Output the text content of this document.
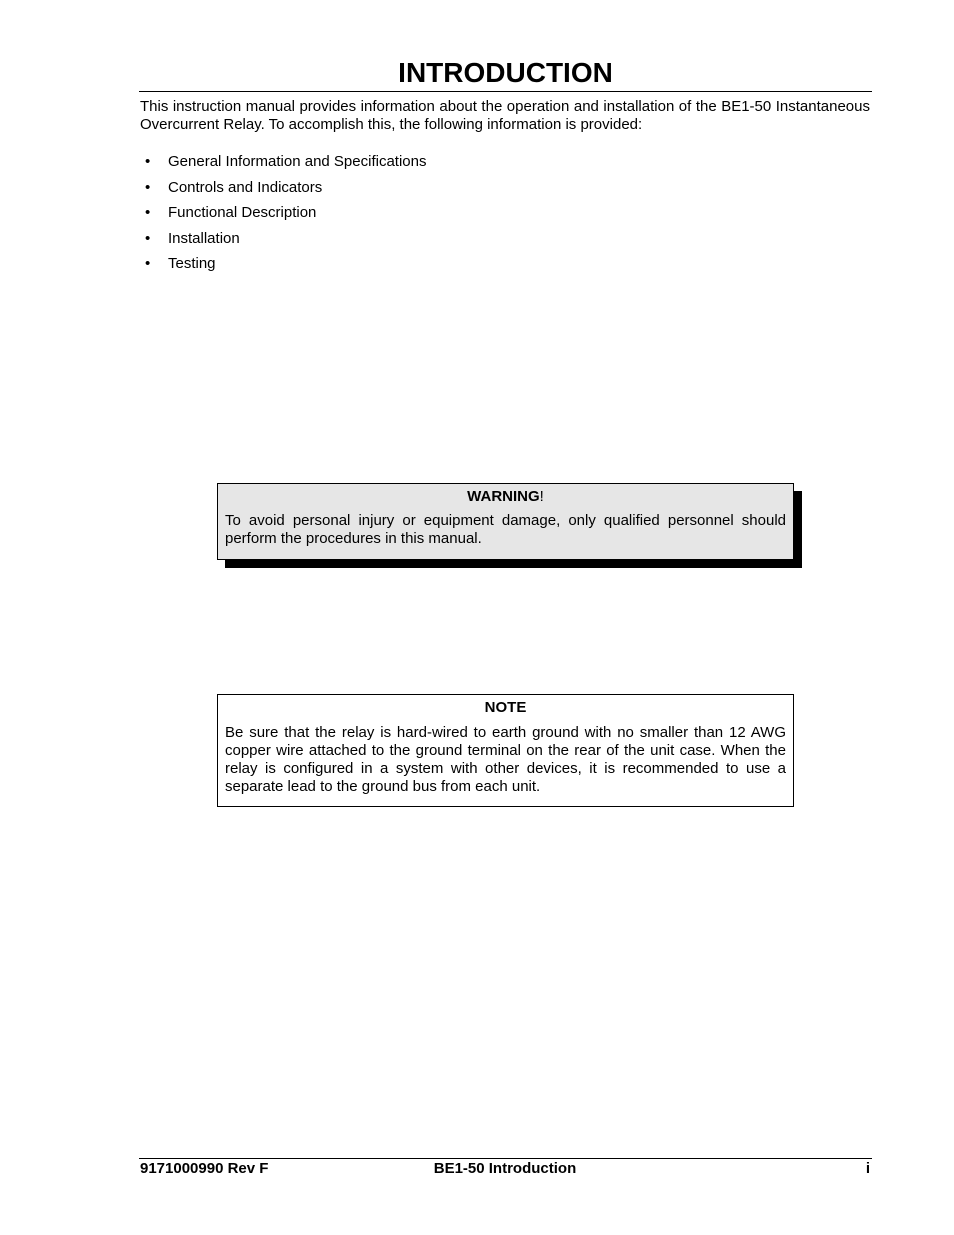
INTRODUCTION

This instruction manual provides information about the operation and installation of the BE1-50 Instantaneous Overcurrent Relay. To accomplish this, the following information is provided:

•	General Information and Specifications
•	Controls and Indicators
•	Functional Description
•	Installation
•	Testing

WARNING!

To avoid personal injury or equipment damage, only qualified personnel should perform the procedures in this manual.

NOTE

Be sure that the relay is hard-wired to earth ground with no smaller than 12 AWG copper wire attached to the ground terminal on the rear of the unit case. When the relay is configured in a system with other devices, it is recommended to use a separate lead to the ground bus from each unit.

9171000990 Rev F	BE1-50 Introduction	i
